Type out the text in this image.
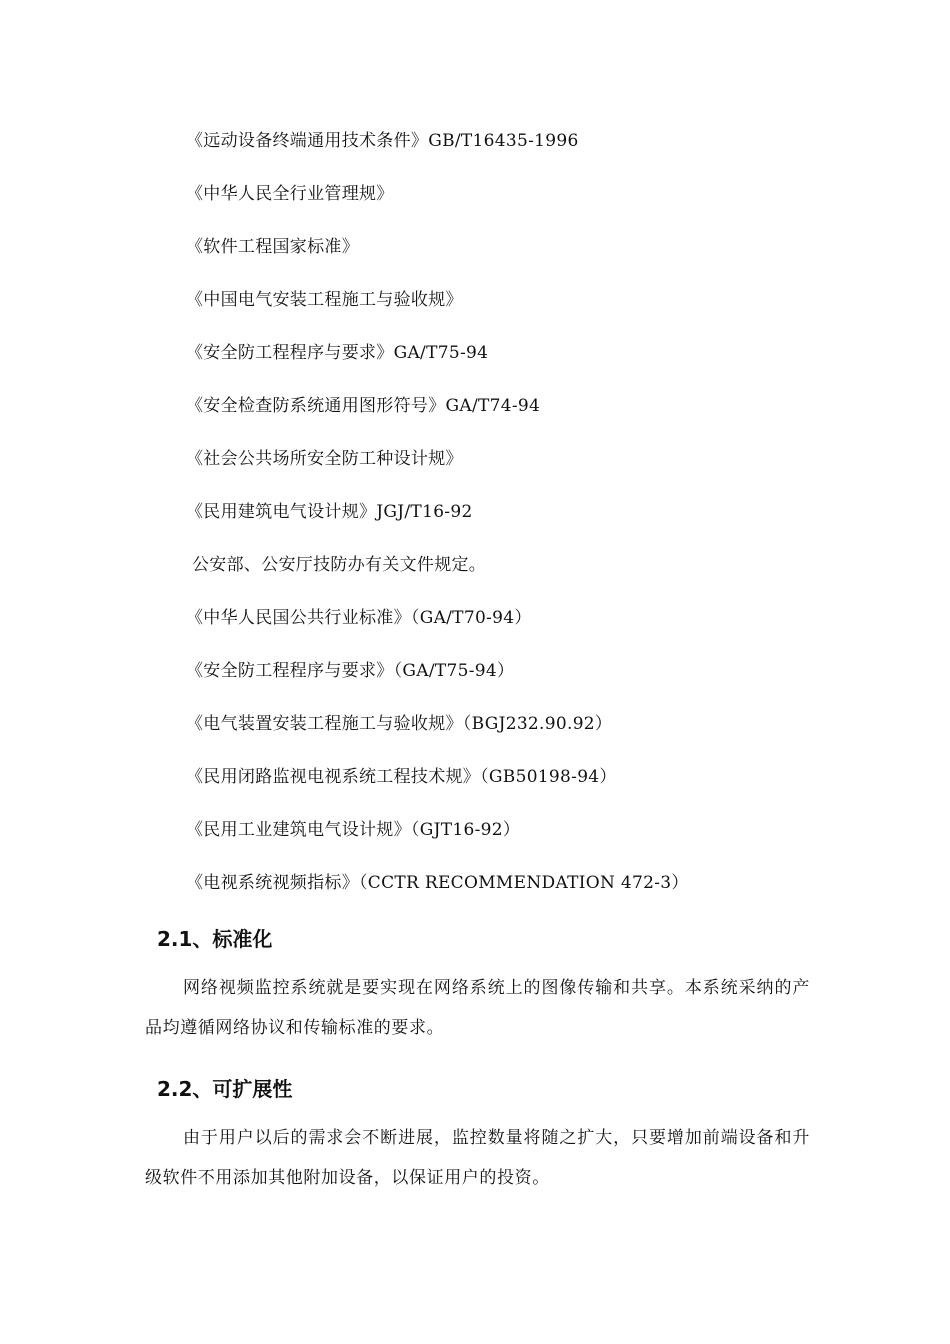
《远动设备终端通用技术条件》GB/T16435-1996
《中华人民全行业管理规》
《软件工程国家标准》
《中国电气安装工程施工与验收规》
《安全防工程程序与要求》GA/T75-94
《安全检查防系统通用图形符号》GA/T74-94
《社会公共场所安全防工种设计规》
《民用建筑电气设计规》JGJ/T16-92
公安部、公安厅技防办有关文件规定。
《中华人民国公共行业标准》（GA/T70-94）
《安全防工程程序与要求》（GA/T75-94）
《电气装置安装工程施工与验收规》（BGJ232.90.92）
《民用闭路监视电视系统工程技术规》（GB50198-94）
《民用工业建筑电气设计规》（GJT16-92）
《电视系统视频指标》（CCTR RECOMMENDATION 472-3）
2.1、标准化

网络视频监控系统就是要实现在网络系统上的图像传输和共享。本系统采纳的产品均遵循网络协议和传输标准的要求。

2.2、可扩展性

由于用户以后的需求会不断进展，监控数量将随之扩大，只要增加前端设备和升级软件不用添加其他附加设备，以保证用户的投资。
